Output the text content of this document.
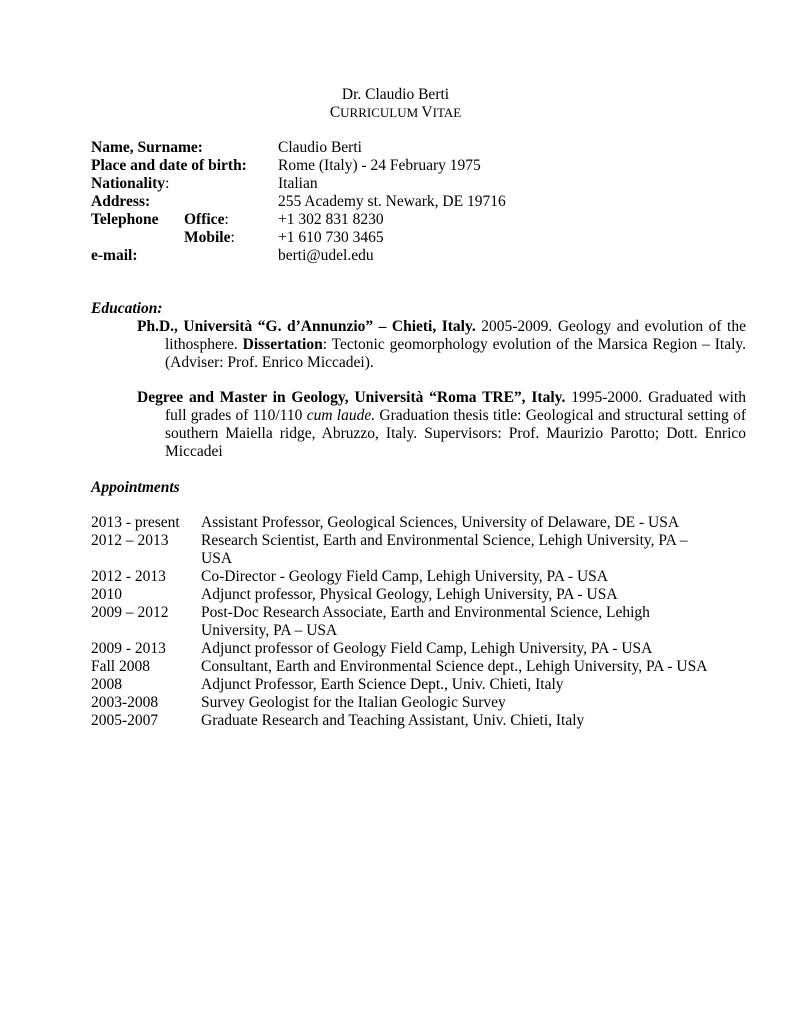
Dr. Claudio Berti
CURRICULUM VITAE
Name, Surname:	Claudio Berti
Place and date of birth: Rome (Italy) - 24 February 1975
Nationality:	Italian
Address:	255 Academy st. Newark, DE 19716
Telephone Office:	+1 302 831 8230
Mobile:	+1 610 730 3465
e-mail:	berti@udel.edu
Education:
Ph.D., Università “G. d’Annunzio” – Chieti, Italy. 2005-2009. Geology and evolution of the lithosphere. Dissertation: Tectonic geomorphology evolution of the Marsica Region – Italy. (Adviser: Prof. Enrico Miccadei).
Degree and Master in Geology, Università “Roma TRE”, Italy. 1995-2000. Graduated with full grades of 110/110 cum laude. Graduation thesis title: Geological and structural setting of southern Maiella ridge, Abruzzo, Italy. Supervisors: Prof. Maurizio Parotto; Dott. Enrico Miccadei
Appointments
2013 - present	Assistant Professor, Geological Sciences, University of Delaware, DE - USA
2012 – 2013	Research Scientist, Earth and Environmental Science, Lehigh University, PA – USA
2012 - 2013	Co-Director - Geology Field Camp, Lehigh University, PA - USA
2010	Adjunct professor, Physical Geology, Lehigh University, PA - USA
2009 – 2012	Post-Doc Research Associate, Earth and Environmental Science, Lehigh University, PA – USA
2009 - 2013	Adjunct professor of Geology Field Camp, Lehigh University, PA - USA
Fall 2008	Consultant, Earth and Environmental Science dept., Lehigh University, PA - USA
2008	Adjunct Professor, Earth Science Dept., Univ. Chieti, Italy
2003-2008	Survey Geologist for the Italian Geologic Survey
2005-2007	Graduate Research and Teaching Assistant, Univ. Chieti, Italy
